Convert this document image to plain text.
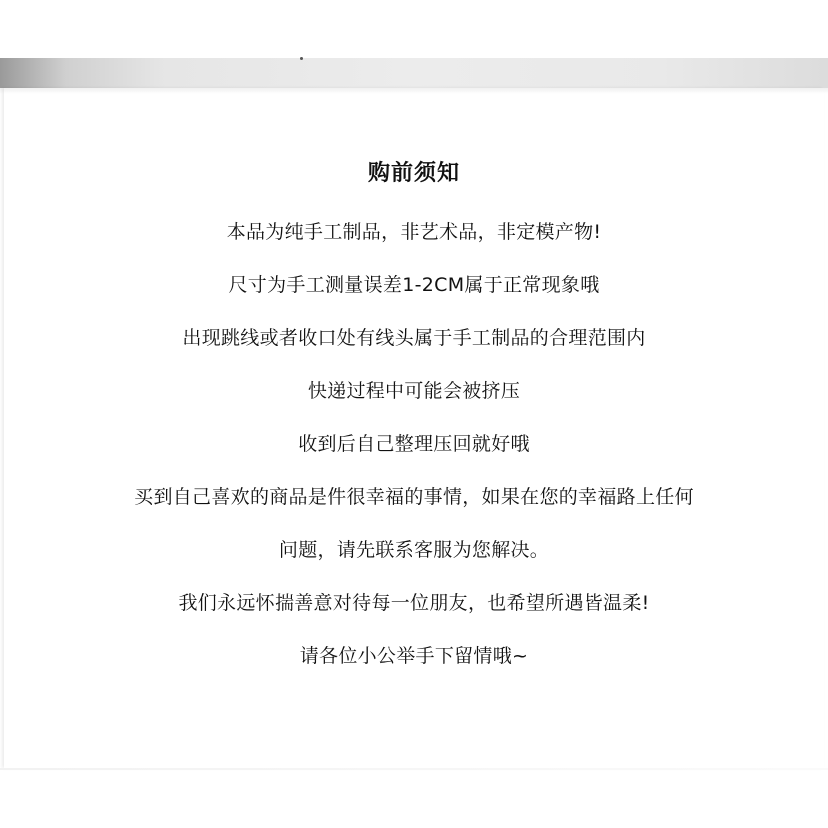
购前须知
本品为纯手工制品，非艺术品，非定模产物!
尺寸为手工测量误差1-2CM属于正常现象哦
出现跳线或者收口处有线头属于手工制品的合理范围内
快递过程中可能会被挤压
收到后自己整理压回就好哦
买到自己喜欢的商品是件很幸福的事情，如果在您的幸福路上任何
问题，请先联系客服为您解决。
我们永远怀揣善意对待每一位朋友，也希望所遇皆温柔!
请各位小公举手下留情哦~
